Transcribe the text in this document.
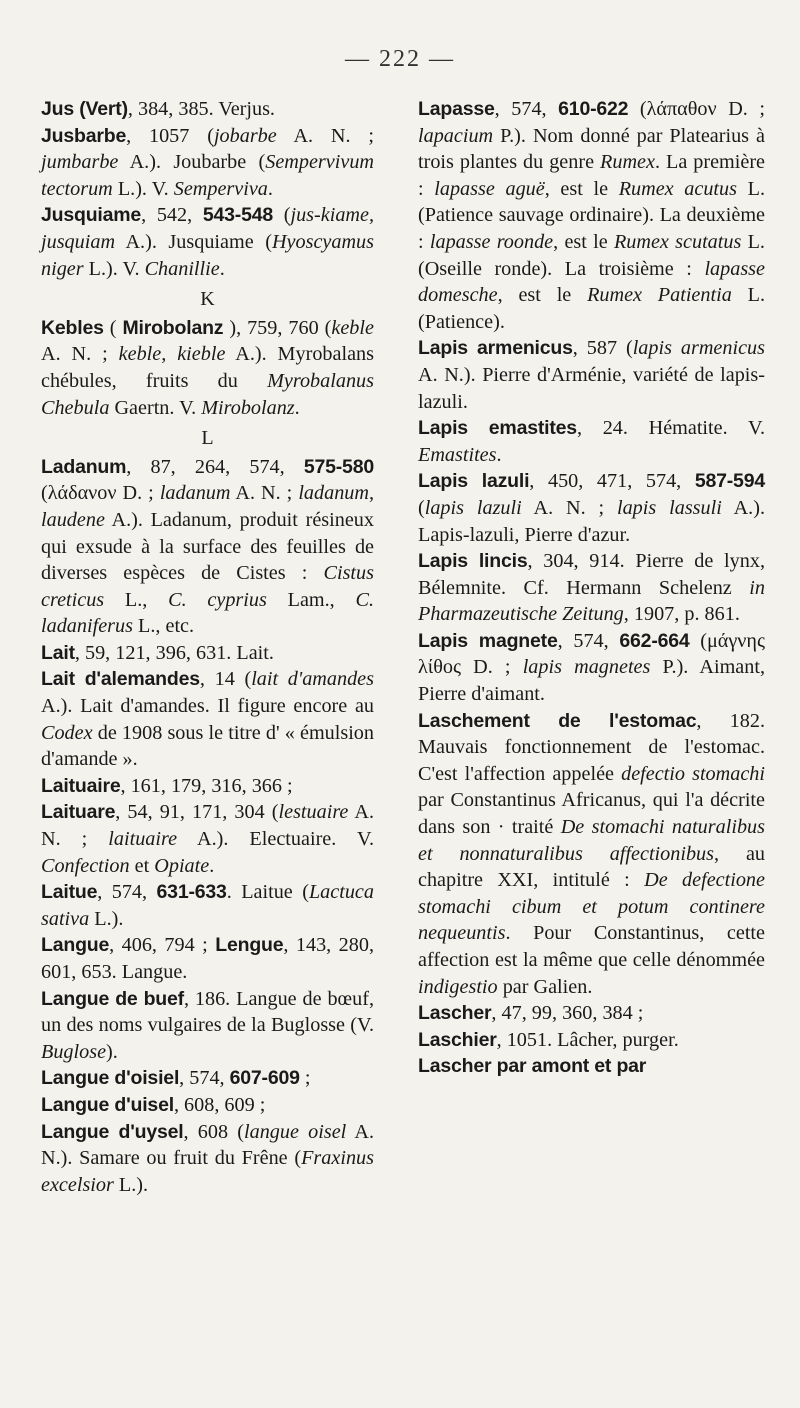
— 222 —

Jus (Vert), 384, 385. Verjus.

Jusbarbe, 1057 (jobarbe A. N. ; jumbarbe A.). Joubarbe (Sempervivum tectorum L.). V. Semperviva.

Jusquiame, 542, 543-548 (jus-kiame, jusquiam A.). Jusquiame (Hyoscyamus niger L.). V. Chanillie.

K

Kebles ( Mirobolanz ), 759, 760 (keble A. N. ; keble, kieble A.). Myrobalans chébules, fruits du Myrobalanus Chebula Gaertn. V. Mirobolanz.

L

Ladanum, 87, 264, 574, 575-580 (λάδανον D. ; ladanum A. N. ; ladanum, laudene A.). Ladanum, produit résineux qui exsude à la surface des feuilles de diverses espèces de Cistes : Cistus creticus L., C. cyprius Lam., C. ladaniferus L., etc.

Lait, 59, 121, 396, 631. Lait.

Lait d'alemandes, 14 (lait d'amandes A.). Lait d'amandes. Il figure encore au Codex de 1908 sous le titre d' « émulsion d'amande ».

Laituaire, 161, 179, 316, 366 ;

Laituare, 54, 91, 171, 304 (lestuaire A. N. ; laituaire A.). Electuaire. V. Confection et Opiate.

Laitue, 574, 631-633. Laitue (Lactuca sativa L.).

Langue, 406, 794 ; Lengue, 143, 280, 601, 653. Langue.

Langue de buef, 186. Langue de bœuf, un des noms vulgaires de la Buglosse (V. Buglose).

Langue d'oisiel, 574, 607-609 ;

Langue d'uisel, 608, 609 ;

Langue d'uysel, 608 (langue oisel A. N.). Samare ou fruit du Frêne (Fraxinus excelsior L.).

Lapasse, 574, 610-622 (λάπαθον D. ; lapacium P.). Nom donné par Platearius à trois plantes du genre Rumex. La première : lapasse aguë, est le Rumex acutus L. (Patience sauvage ordinaire). La deuxième : lapasse roonde, est le Rumex scutatus L. (Oseille ronde). La troisième : lapasse domesche, est le Rumex Patientia L. (Patience).

Lapis armenicus, 587 (lapis armenicus A. N.). Pierre d'Arménie, variété de lapis-lazuli.

Lapis emastites, 24. Hématite. V. Emastites.

Lapis lazuli, 450, 471, 574, 587-594 (lapis lazuli A. N. ; lapis lassuli A.). Lapis-lazuli, Pierre d'azur.

Lapis lincis, 304, 914. Pierre de lynx, Bélemnite. Cf. Hermann Schelenz in Pharmazeutische Zeitung, 1907, p. 861.

Lapis magnete, 574, 662-664 (μάγνης λίθος D. ; lapis magnetes P.). Aimant, Pierre d'aimant.

Laschement de l'estomac, 182. Mauvais fonctionnement de l'estomac. C'est l'affection appelée defectio stomachi par Constantinus Africanus, qui l'a décrite dans son · traité De stomachi naturalibus et nonnaturalibus affectionibus, au chapitre XXI, intitulé : De defectione stomachi cibum et potum continere nequeuntis. Pour Constantinus, cette affection est la même que celle dénommée indigestio par Galien.

Lascher, 47, 99, 360, 384 ;

Laschier, 1051. Lâcher, purger.

Lascher par amont et par
